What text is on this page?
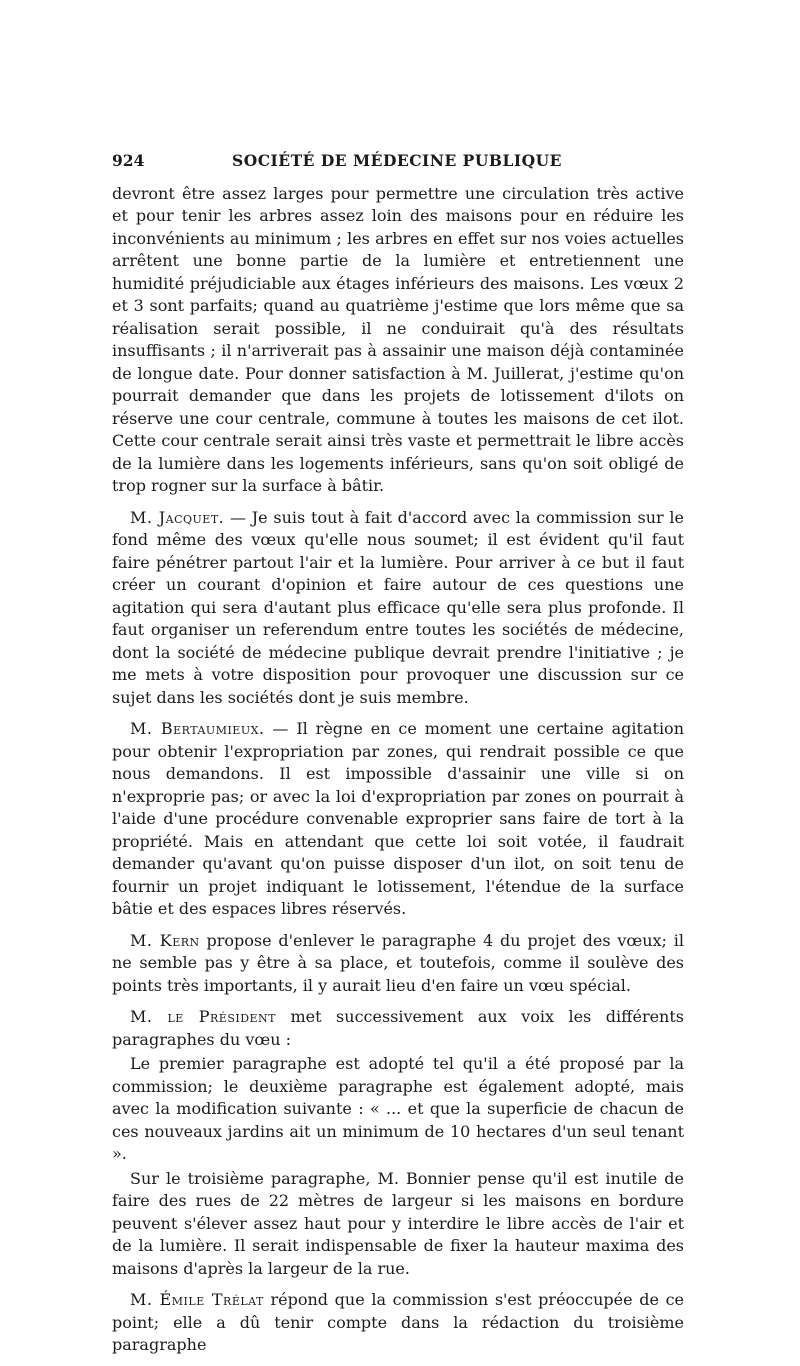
924	SOCIÉTÉ DE MÉDECINE PUBLIQUE

devront être assez larges pour permettre une circulation très active et pour tenir les arbres assez loin des maisons pour en réduire les inconvénients au minimum ; les arbres en effet sur nos voies actuelles arrêtent une bonne partie de la lumière et entretiennent une humidité préjudiciable aux étages inférieurs des maisons. Les vœux 2 et 3 sont parfaits; quand au quatrième j'estime que lors même que sa réalisation serait possible, il ne conduirait qu'à des résultats insuffisants ; il n'arriverait pas à assainir une maison déjà contaminée de longue date. Pour donner satisfaction à M. Juillerat, j'estime qu'on pourrait demander que dans les projets de lotissement d'ilots on réserve une cour centrale, commune à toutes les maisons de cet ilot. Cette cour centrale serait ainsi très vaste et permettrait le libre accès de la lumière dans les logements inférieurs, sans qu'on soit obligé de trop rogner sur la surface à bâtir.

M. Jacquet. — Je suis tout à fait d'accord avec la commission sur le fond même des vœux qu'elle nous soumet; il est évident qu'il faut faire pénétrer partout l'air et la lumière. Pour arriver à ce but il faut créer un courant d'opinion et faire autour de ces questions une agitation qui sera d'autant plus efficace qu'elle sera plus profonde. Il faut organiser un referendum entre toutes les sociétés de médecine, dont la société de médecine publique devrait prendre l'initiative ; je me mets à votre disposition pour provoquer une discussion sur ce sujet dans les sociétés dont je suis membre.

M. Bertaumieux. — Il règne en ce moment une certaine agitation pour obtenir l'expropriation par zones, qui rendrait possible ce que nous demandons. Il est impossible d'assainir une ville si on n'exproprie pas; or avec la loi d'expropriation par zones on pourrait à l'aide d'une procédure convenable exproprier sans faire de tort à la propriété. Mais en attendant que cette loi soit votée, il faudrait demander qu'avant qu'on puisse disposer d'un ilot, on soit tenu de fournir un projet indiquant le lotissement, l'étendue de la surface bâtie et des espaces libres réservés.

M. Kern propose d'enlever le paragraphe 4 du projet des vœux; il ne semble pas y être à sa place, et toutefois, comme il soulève des points très importants, il y aurait lieu d'en faire un vœu spécial.

M. le Président met successivement aux voix les différents paragraphes du vœu :

Le premier paragraphe est adopté tel qu'il a été proposé par la commission; le deuxième paragraphe est également adopté, mais avec la modification suivante : « ... et que la superficie de chacun de ces nouveaux jardins ait un minimum de 10 hectares d'un seul tenant ».

Sur le troisième paragraphe, M. Bonnier pense qu'il est inutile de faire des rues de 22 mètres de largeur si les maisons en bordure peuvent s'élever assez haut pour y interdire le libre accès de l'air et de la lumière. Il serait indispensable de fixer la hauteur maxima des maisons d'après la largeur de la rue.

M. Émile Trélat répond que la commission s'est préoccupée de ce point; elle a dû tenir compte dans la rédaction du troisième paragraphe
